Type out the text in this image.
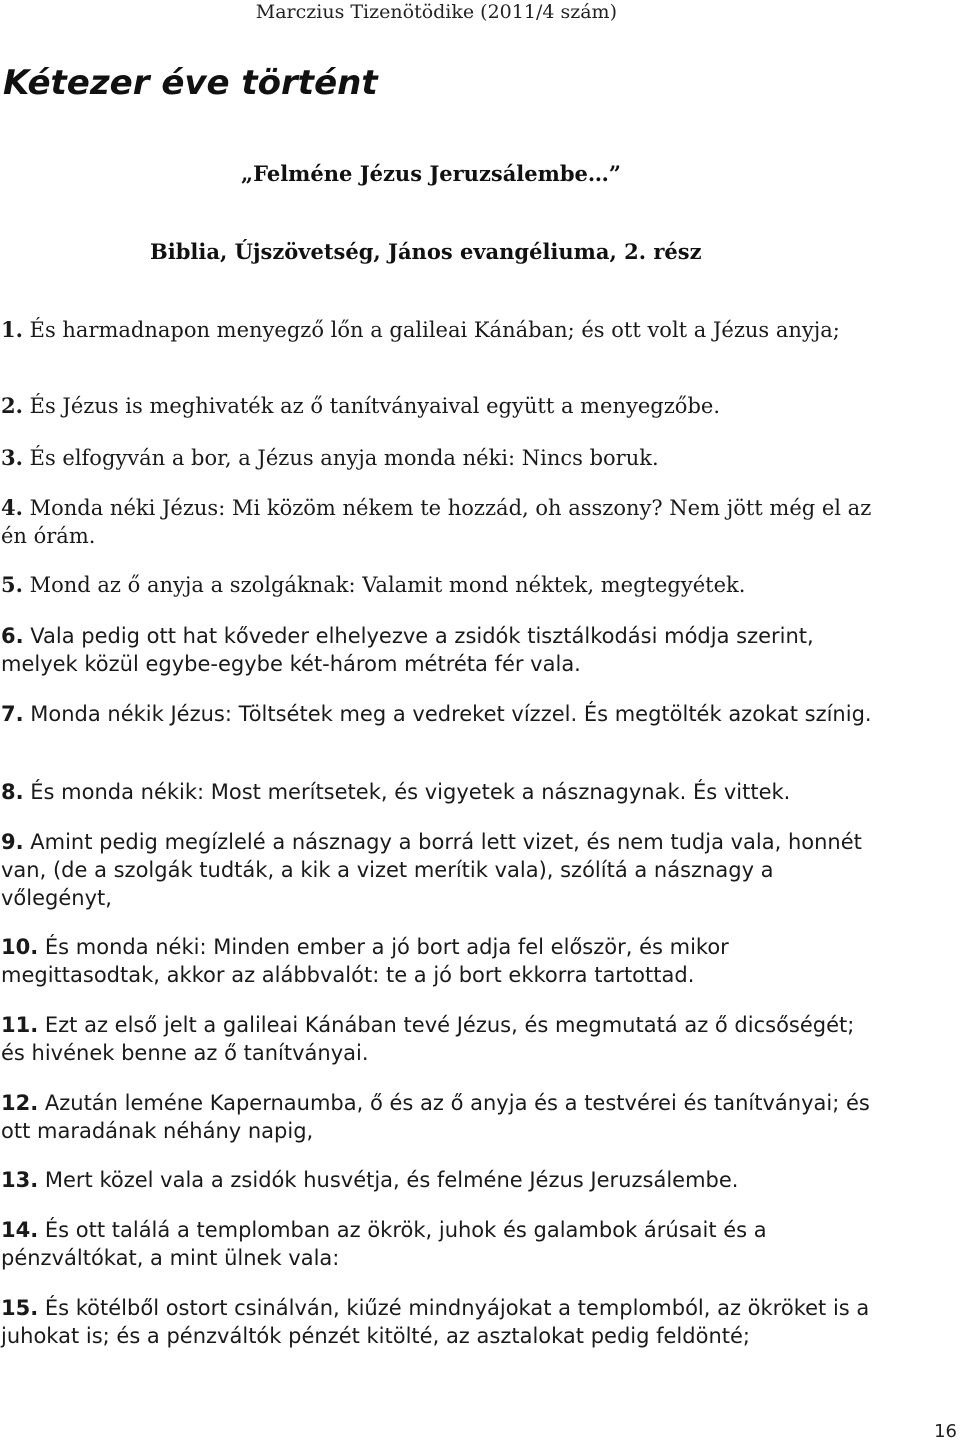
Marczius Tizenötödike (2011/4 szám)
Kétezer éve történt
„Felméne Jézus Jeruzsálembe…”
Biblia, Újszövetség, János evangéliuma, 2. rész

1. És harmadnapon menyegző lőn a galileai Kánában; és ott volt a Jézus anyja;

2. És Jézus is meghivaték az ő tanítványaival együtt a menyegzőbe.

3. És elfogyván a bor, a Jézus anyja monda néki: Nincs boruk.

4. Monda néki Jézus: Mi közöm nékem te hozzád, oh asszony? Nem jött még el az én órám.

5. Mond az ő anyja a szolgáknak: Valamit mond néktek, megtegyétek.

6. Vala pedig ott hat kőveder elhelyezve a zsidók tisztálkodási módja szerint, melyek közül egybe-egybe két-három métréta fér vala.

7. Monda nékik Jézus: Töltsétek meg a vedreket vízzel. És megtölték azokat színig.

8. És monda nékik: Most merítsetek, és vigyetek a násznagynak. És vittek.

9. Amint pedig megízlelé a násznagy a borrá lett vizet, és nem tudja vala, honnét van, (de a szolgák tudták, a kik a vizet merítik vala), szólítá a násznagy a vőlegényt,

10. És monda néki: Minden ember a jó bort adja fel először, és mikor megittasodtak, akkor az alábbvalót: te a jó bort ekkorra tartottad.

11. Ezt az első jelt a galileai Kánában tevé Jézus, és megmutatá az ő dicsőségét; és hivének benne az ő tanítványai.

12. Azután leméne Kapernaumba, ő és az ő anyja és a testvérei és tanítványai; és ott maradának néhány napig,

13. Mert közel vala a zsidók husvétja, és felméne Jézus Jeruzsálembe.

14. És ott találá a templomban az ökrök, juhok és galambok árúsait és a pénzváltókat, a mint ülnek vala:

15. És kötélből ostort csinálván, kiűzé mindnyájokat a templomból, az ökröket is a juhokat is; és a pénzváltók pénzét kitölté, az asztalokat pedig feldönté;

16
